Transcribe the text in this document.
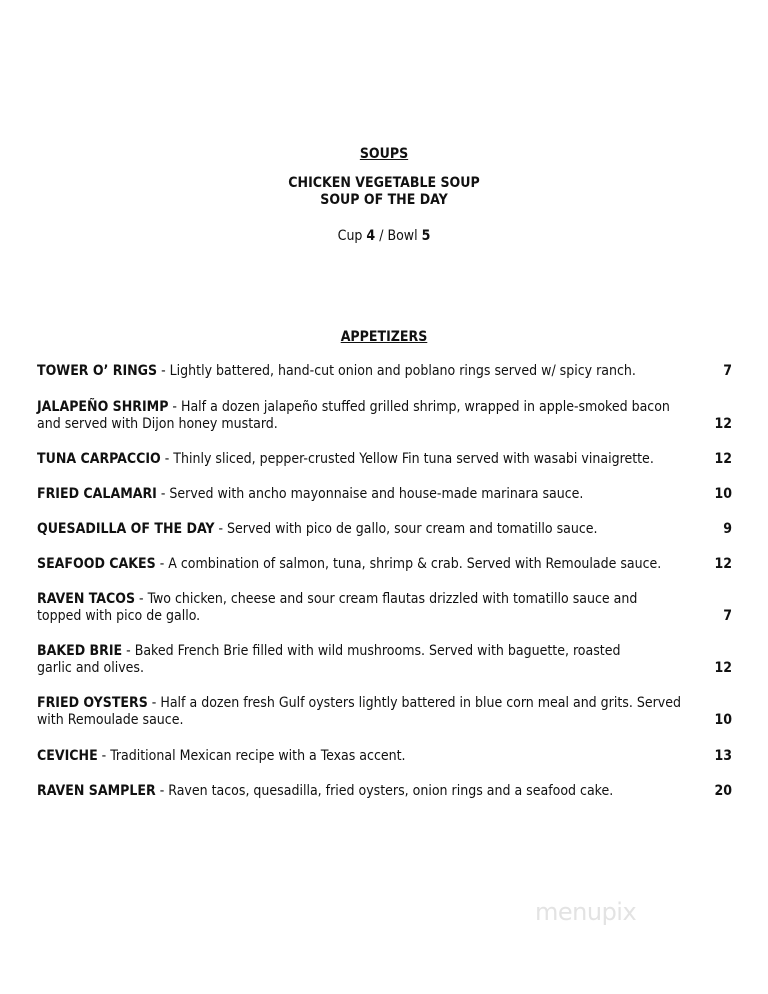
SOUPS
CHICKEN VEGETABLE SOUP
SOUP OF THE DAY
Cup 4 / Bowl 5
APPETIZERS
TOWER O’ RINGS - Lightly battered, hand-cut onion and poblano rings served w/ spicy ranch.	7
JALAPEÑO SHRIMP - Half a dozen jalapeño stuffed grilled shrimp, wrapped in apple-smoked bacon
and served with Dijon honey mustard.	12
TUNA CARPACCIO - Thinly sliced, pepper-crusted Yellow Fin tuna served with wasabi vinaigrette.	12
FRIED CALAMARI - Served with ancho mayonnaise and house-made marinara sauce.	10
QUESADILLA OF THE DAY - Served with pico de gallo, sour cream and tomatillo sauce.	9
SEAFOOD CAKES - A combination of salmon, tuna, shrimp & crab. Served with Remoulade sauce.	12
RAVEN TACOS - Two chicken, cheese and sour cream flautas drizzled with tomatillo sauce and
topped with pico de gallo.	7
BAKED BRIE - Baked French Brie filled with wild mushrooms. Served with baguette, roasted
garlic and olives.	12
FRIED OYSTERS - Half a dozen fresh Gulf oysters lightly battered in blue corn meal and grits. Served
with Remoulade sauce.	10
CEVICHE - Traditional Mexican recipe with a Texas accent.	13
RAVEN SAMPLER - Raven tacos, quesadilla, fried oysters, onion rings and a seafood cake.	20
menupix
